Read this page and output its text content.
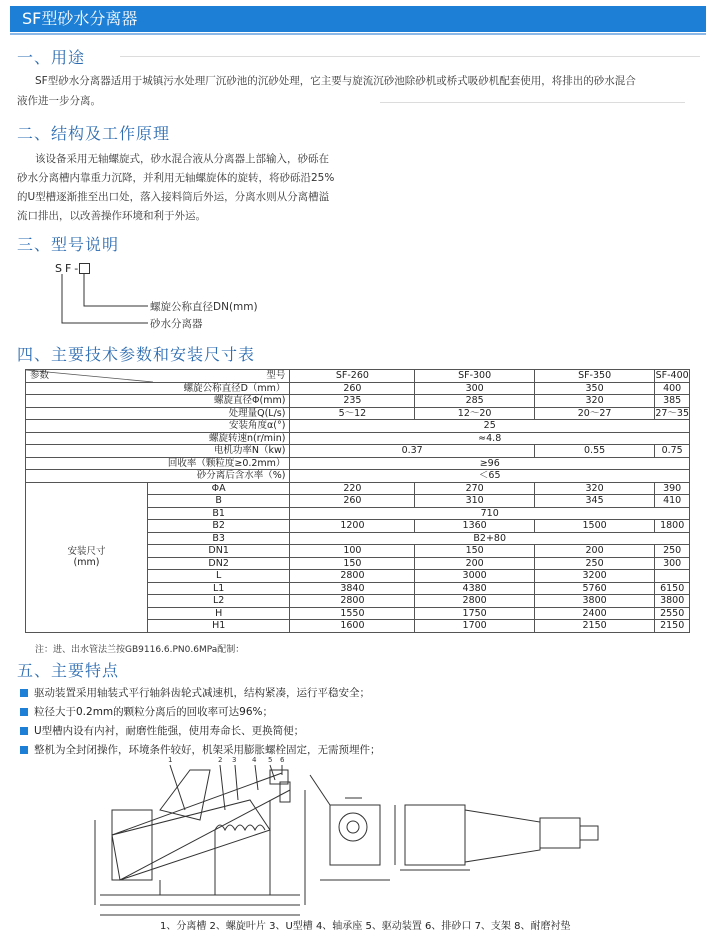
SF型砂水分离器
一、用途
SF型砂水分离器适用于城镇污水处理厂沉砂池的沉砂处理，它主要与旋流沉砂池除砂机或桥式吸砂机配套使用，将排出的砂水混合
液作进一步分离。
二、结构及工作原理
该设备采用无轴螺旋式，砂水混合液从分离器上部输入，砂砾在
砂水分离槽内靠重力沉降，并利用无轴螺旋体的旋转，将砂砾沿25%
的U型槽逐渐推至出口处，落入接料筒后外运，分离水则从分离槽溢
流口排出，以改善操作环境和利于外运。
三、型号说明
SF-
螺旋公称直径DN(mm)
砂水分离器
四、主要技术参数和安装尺寸表
参数 型号		SF-260	SF-300	SF-350	SF-400
螺旋公称直径D（mm）		260	300	350	400
螺旋直径Φ(mm)		235	285	320	385
处理量Q(L/s)		5～12	12～20	20～27	27～35
安装角度α(°)		25			
螺旋转速n(r/min)		≈4.8			
电机功率N（kw)		0.37		0.55	0.75
回收率（颗粒度≥0.2mm）		≥96			
砂分离后含水率（%)		＜65			

安装尺寸
(mm)	ΦA	220	270	320	390
	B	260	310	345	410
	B1	710			
	B2	1200	1360	1500	1800
	B3	B2+80			
	DN1	100	150	200	250
	DN2	150	200	250	300
	L	2800	3000	3200	
	L1	3840	4380	5760	6150
	L2	2800	2800	3800	3800
	H	1550	1750	2400	2550
	H1	1600	1700	2150	2150
注：进、出水管法兰按GB9116.6.PN0.6MPa配制：
五、主要特点
驱动装置采用轴装式平行轴斜齿轮式减速机，结构紧凑，运行平稳安全；
粒径大于0.2mm的颗粒分离后的回收率可达96%；
U型槽内设有内衬，耐磨性能强，使用寿命长、更换简便；
整机为全封闭操作，环境条件较好，机架采用膨胀螺栓固定，无需预埋件；
1	2 3 4 5 6
1、分离槽 2、螺旋叶片 3、U型槽 4、轴承座 5、驱动装置 6、排砂口 7、支架 8、耐磨衬垫
